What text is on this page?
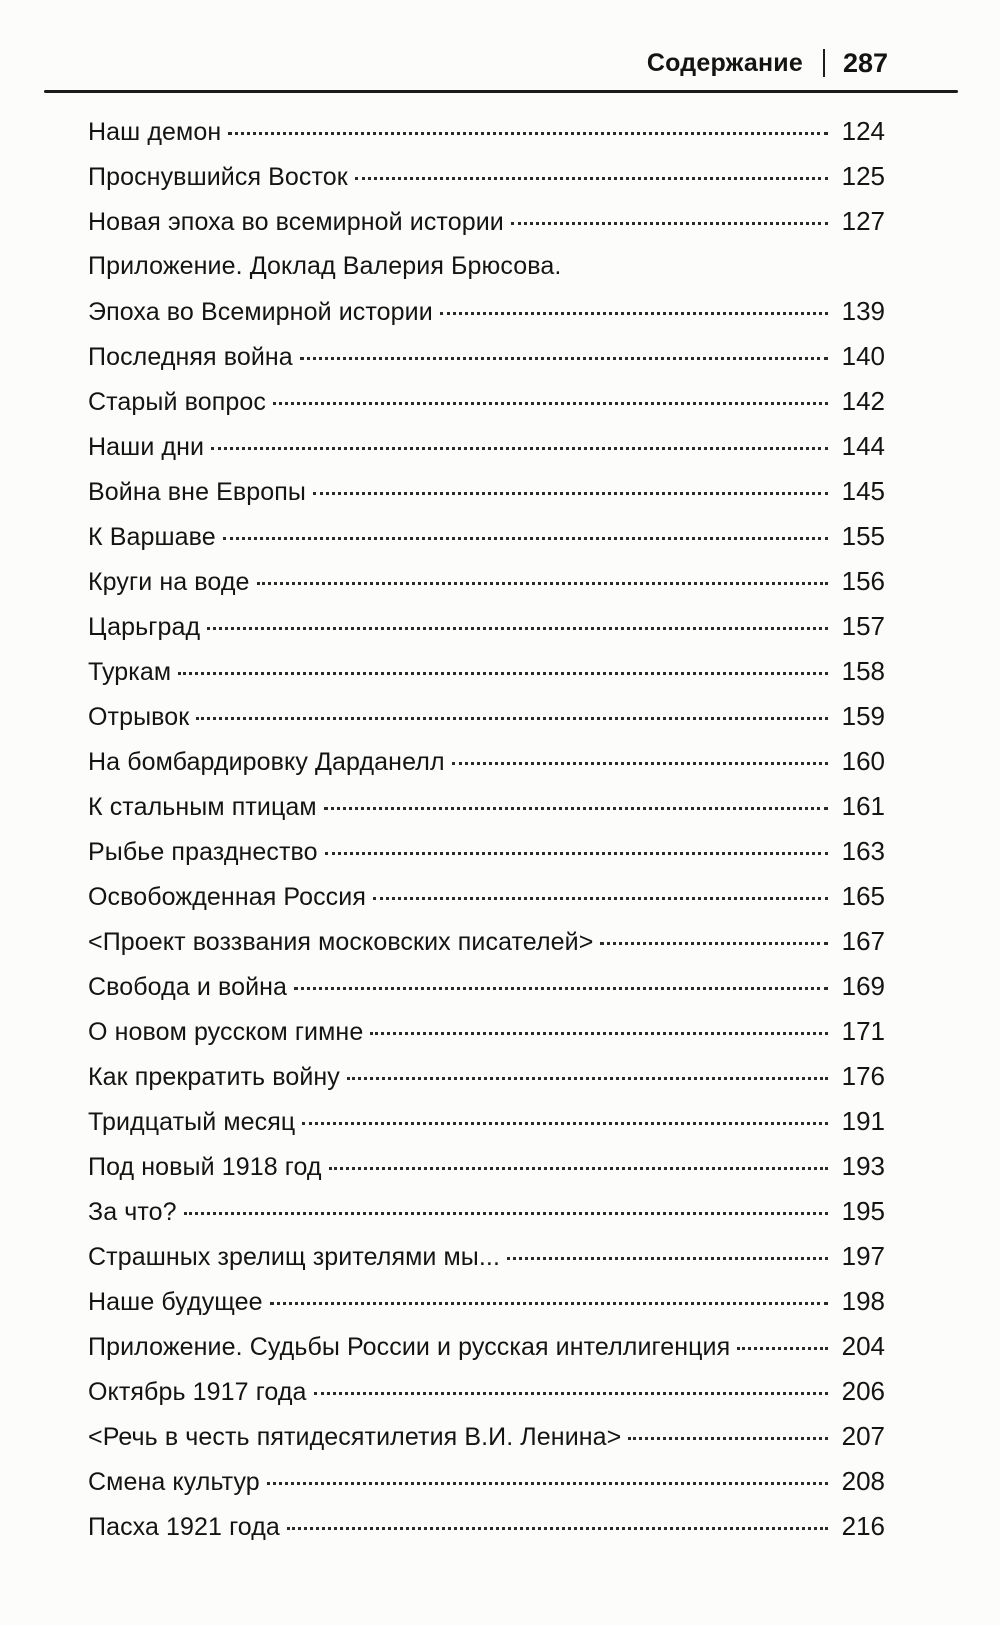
Содержание 287
Наш демон	124
Проснувшийся Восток	125
Новая эпоха во всемирной истории	127
Приложение. Доклад Валерия Брюсова.
Эпоха во Всемирной истории	139
Последняя война	140
Старый вопрос	142
Наши дни	144
Война вне Европы	145
К Варшаве	155
Круги на воде	156
Царьград	157
Туркам	158
Отрывок	159
На бомбардировку Дарданелл	160
К стальным птицам	161
Рыбье празднество	163
Освобожденная Россия	165
<Проект воззвания московских писателей>	167
Свобода и война	169
О новом русском гимне	171
Как прекратить войну	176
Тридцатый месяц	191
Под новый 1918 год	193
За что?	195
Страшных зрелищ зрителями мы...	197
Наше будущее	198
Приложение. Судьбы России и русская интеллигенция	204
Октябрь 1917 года	206
<Речь в честь пятидесятилетия В.И. Ленина>	207
Смена культур	208
Пасха 1921 года	216
